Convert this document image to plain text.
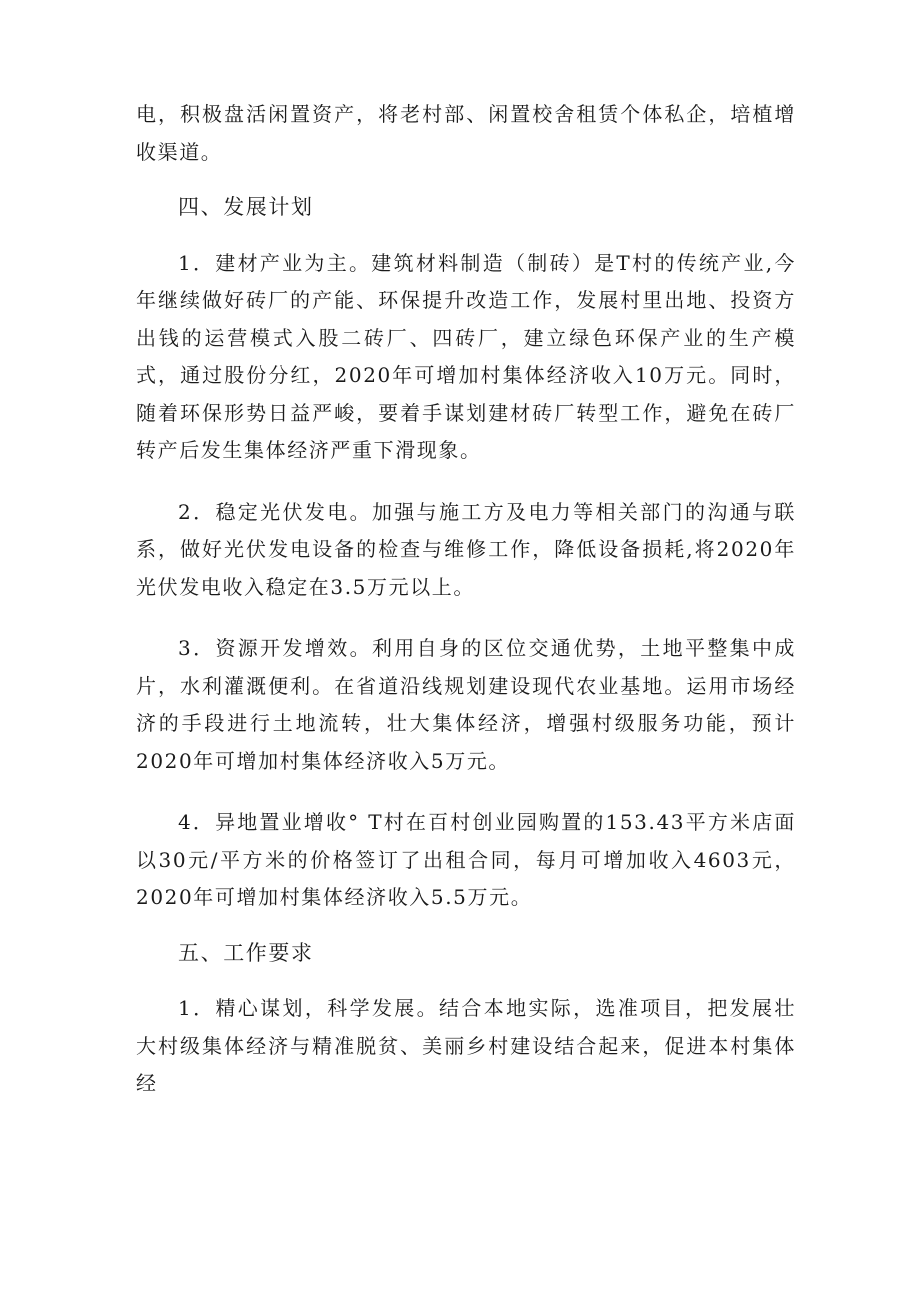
电，积极盘活闲置资产，将老村部、闲置校舍租赁个体私企，培植增收渠道。

四、发展计划

1．建材产业为主。建筑材料制造（制砖）是T村的传统产业,今年继续做好砖厂的产能、环保提升改造工作，发展村里出地、投资方出钱的运营模式入股二砖厂、四砖厂，建立绿色环保产业的生产模式，通过股份分红，2020年可增加村集体经济收入10万元。同时，随着环保形势日益严峻，要着手谋划建材砖厂转型工作，避免在砖厂转产后发生集体经济严重下滑现象。

2．稳定光伏发电。加强与施工方及电力等相关部门的沟通与联系，做好光伏发电设备的检查与维修工作，降低设备损耗,将2020年光伏发电收入稳定在3.5万元以上。

3．资源开发增效。利用自身的区位交通优势，土地平整集中成片，水利灌溉便利。在省道沿线规划建设现代农业基地。运用市场经济的手段进行土地流转，壮大集体经济，增强村级服务功能，预计2020年可增加村集体经济收入5万元。

4．异地置业增收° T村在百村创业园购置的153.43平方米店面以30元/平方米的价格签订了出租合同，每月可增加收入4603元，2020年可增加村集体经济收入5.5万元。

五、工作要求

1．精心谋划，科学发展。结合本地实际，选准项目，把发展壮大村级集体经济与精准脱贫、美丽乡村建设结合起来，促进本村集体经
